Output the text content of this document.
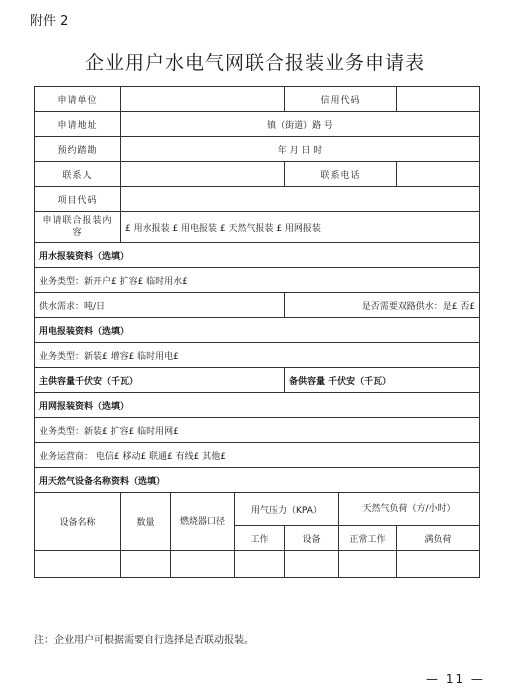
附件 2
企业用户水电气网联合报装业务申请表
申请单位				信用代码		
申请地址	镇（街道）路 号					
预约踏勘	年 月 日 时					
联系人				联系电话		
项目代码						
申请联合报装内容	£ 用水报装 £ 用电报装 £ 天然气报装 £ 用网报装					
用水报装资料（选填）						
业务类型：新开户£ 扩容£ 临时用水£						
供水需求：吨/日				是否需要双路供水：是£ 否£		
用电报装资料（选填）						
业务类型：新装£ 增容£ 临时用电£						
主供容量千伏安（千瓦）				备供容量 千伏安（千瓦）		
用网报装资料（选填）						
业务类型：新装£ 扩容£ 临时用网£						
业务运营商： 电信£ 移动£ 联通£ 有线£ 其他£						
用天然气设备名称资料（选填）						
设备名称	数量	燃烧器口径	用气压力（KPA）		天然气负荷（方/小时）	
			工作	设备	正常工作	满负荷

注：企业用户可根据需要自行选择是否联动报装。
— 11 —
